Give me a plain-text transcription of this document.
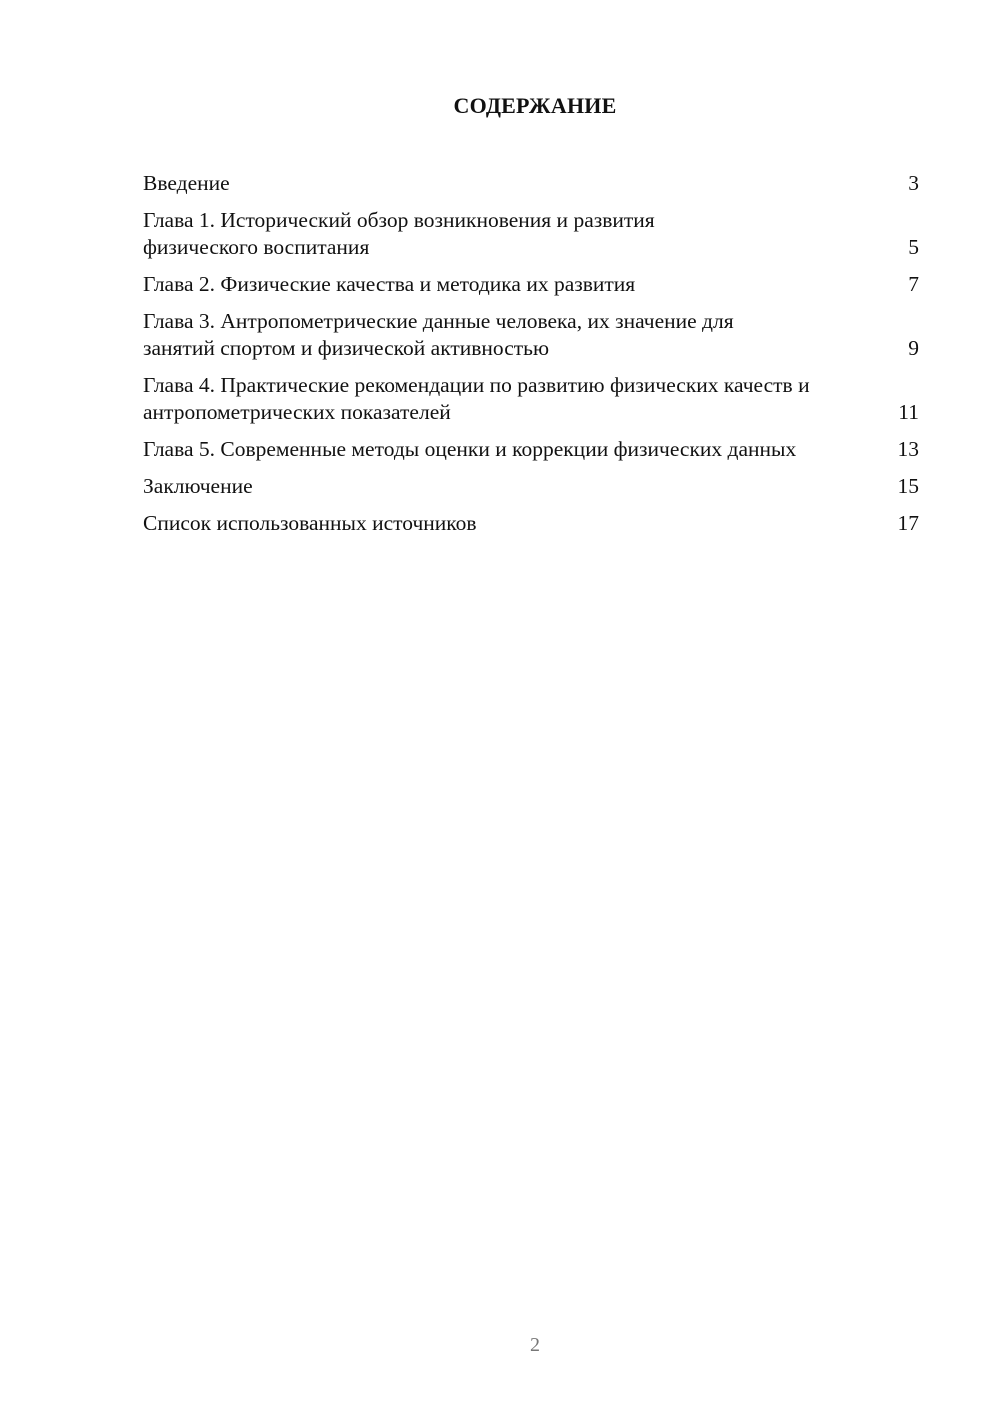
СОДЕРЖАНИЕ
Введение	3
Глава 1. Исторический обзор возникновения и развития физического воспитания	5
Глава 2. Физические качества и методика их развития	7
Глава 3. Антропометрические данные человека, их значение для занятий спортом и физической активностью	9
Глава 4. Практические рекомендации по развитию физических качеств и антропометрических показателей	11
Глава 5. Современные методы оценки и коррекции физических данных	13
Заключение	15
Список использованных источников	17
2
